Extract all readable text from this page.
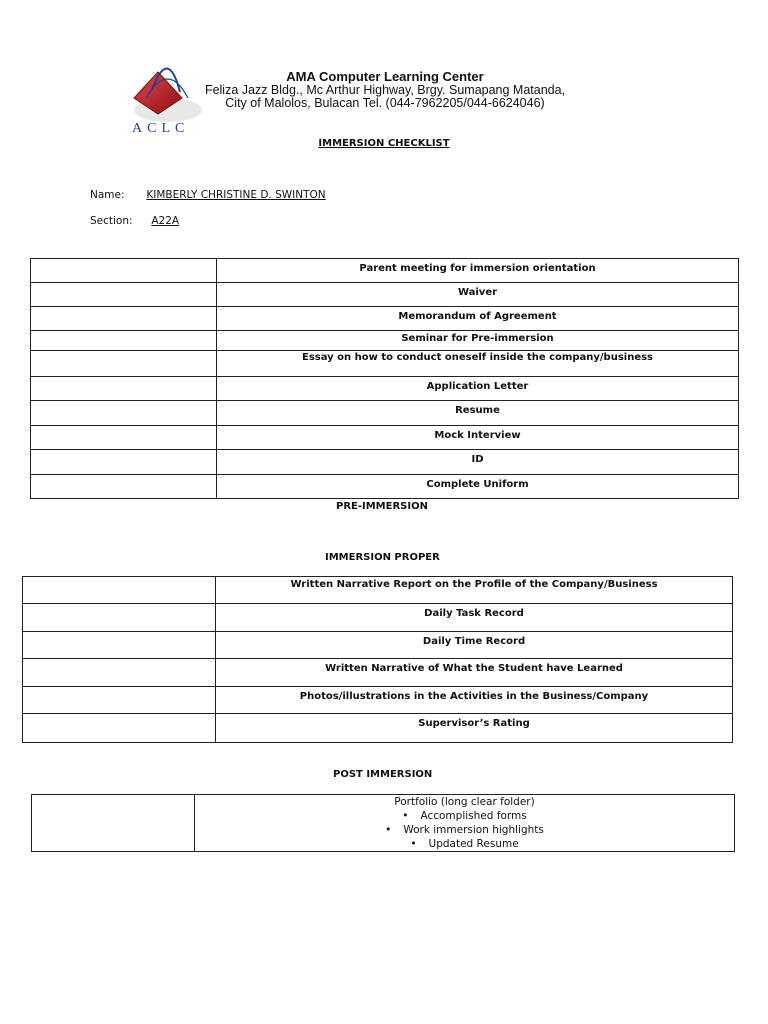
ACLC
AMA Computer Learning Center
Feliza Jazz Bldg., Mc Arthur Highway, Brgy. Sumapang Matanda,
City of Malolos, Bulacan Tel. (044-7962205/044-6624046)
IMMERSION CHECKLIST
Name: KIMBERLY CHRISTINE D. SWINTON
Section: A22A
	Parent meeting for immersion orientation
	Waiver
	Memorandum of Agreement
	Seminar for Pre-immersion
	Essay on how to conduct oneself inside the company/business
	Application Letter
	Resume
	Mock Interview
	ID
	Complete Uniform
PRE-IMMERSION
IMMERSION PROPER
	Written Narrative Report on the Profile of the Company/Business
	Daily Task Record
	Daily Time Record
	Written Narrative of What the Student have Learned
	Photos/illustrations in the Activities in the Business/Company
	Supervisor’s Rating
POST IMMERSION

Portfolio (long clear folder)
• Accomplished forms
• Work immersion highlights
• Updated Resume
